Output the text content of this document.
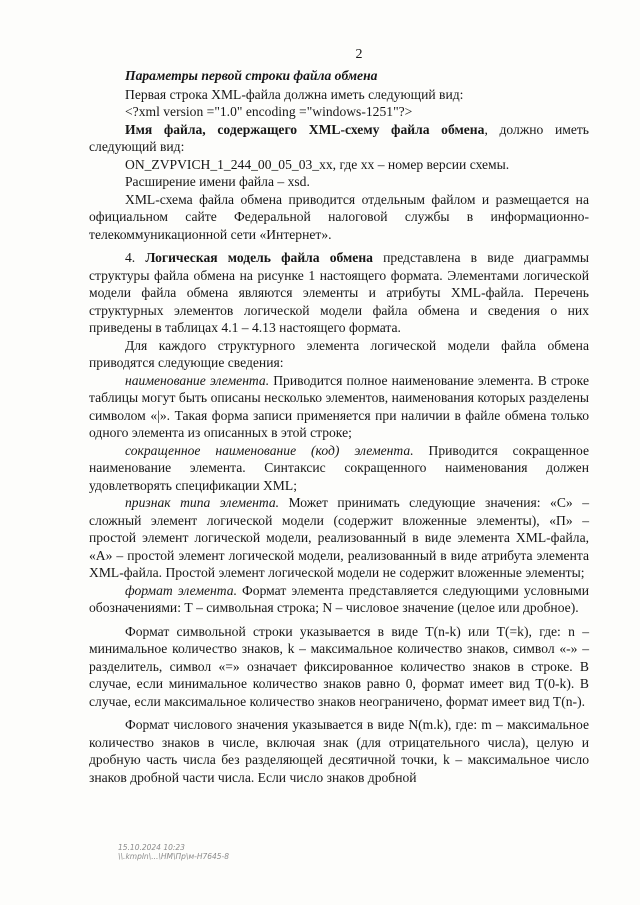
2

Параметры первой строки файла обмена

Первая строка XML-файла должна иметь следующий вид:

<?xml version ="1.0" encoding ="windows-1251"?>

Имя файла, содержащего XML-схему файла обмена, должно иметь следующий вид:

ON_ZVPVICH_1_244_00_05_03_xx, где xx – номер версии схемы.

Расширение имени файла – xsd.

XML-схема файла обмена приводится отдельным файлом и размещается на официальном сайте Федеральной налоговой службы в информационно-телекоммуникационной сети «Интернет».

4. Логическая модель файла обмена представлена в виде диаграммы структуры файла обмена на рисунке 1 настоящего формата. Элементами логической модели файла обмена являются элементы и атрибуты XML-файла. Перечень структурных элементов логической модели файла обмена и сведения о них приведены в таблицах 4.1 – 4.13 настоящего формата.

Для каждого структурного элемента логической модели файла обмена приводятся следующие сведения:

наименование элемента. Приводится полное наименование элемента. В строке таблицы могут быть описаны несколько элементов, наименования которых разделены символом «|». Такая форма записи применяется при наличии в файле обмена только одного элемента из описанных в этой строке;

сокращенное наименование (код) элемента. Приводится сокращенное наименование элемента. Синтаксис сокращенного наименования должен удовлетворять спецификации XML;

признак типа элемента. Может принимать следующие значения: «С» – сложный элемент логической модели (содержит вложенные элементы), «П» – простой элемент логической модели, реализованный в виде элемента XML-файла, «А» – простой элемент логической модели, реализованный в виде атрибута элемента XML-файла. Простой элемент логической модели не содержит вложенные элементы;

формат элемента. Формат элемента представляется следующими условными обозначениями: Т – символьная строка; N – числовое значение (целое или дробное).

Формат символьной строки указывается в виде Т(n-k) или Т(=k), где: n – минимальное количество знаков, k – максимальное количество знаков, символ «-» – разделитель, символ «=» означает фиксированное количество знаков в строке. В случае, если минимальное количество знаков равно 0, формат имеет вид Т(0-k). В случае, если максимальное количество знаков неограничено, формат имеет вид Т(n-).

Формат числового значения указывается в виде N(m.k), где: m – максимальное количество знаков в числе, включая знак (для отрицательного числа), целую и дробную часть числа без разделяющей десятичной точки, k – максимальное число знаков дробной части числа. Если число знаков дробной

15.10.2024 10:23
\\.kmpln\...\HМ\Пр\м-Н7645-8
